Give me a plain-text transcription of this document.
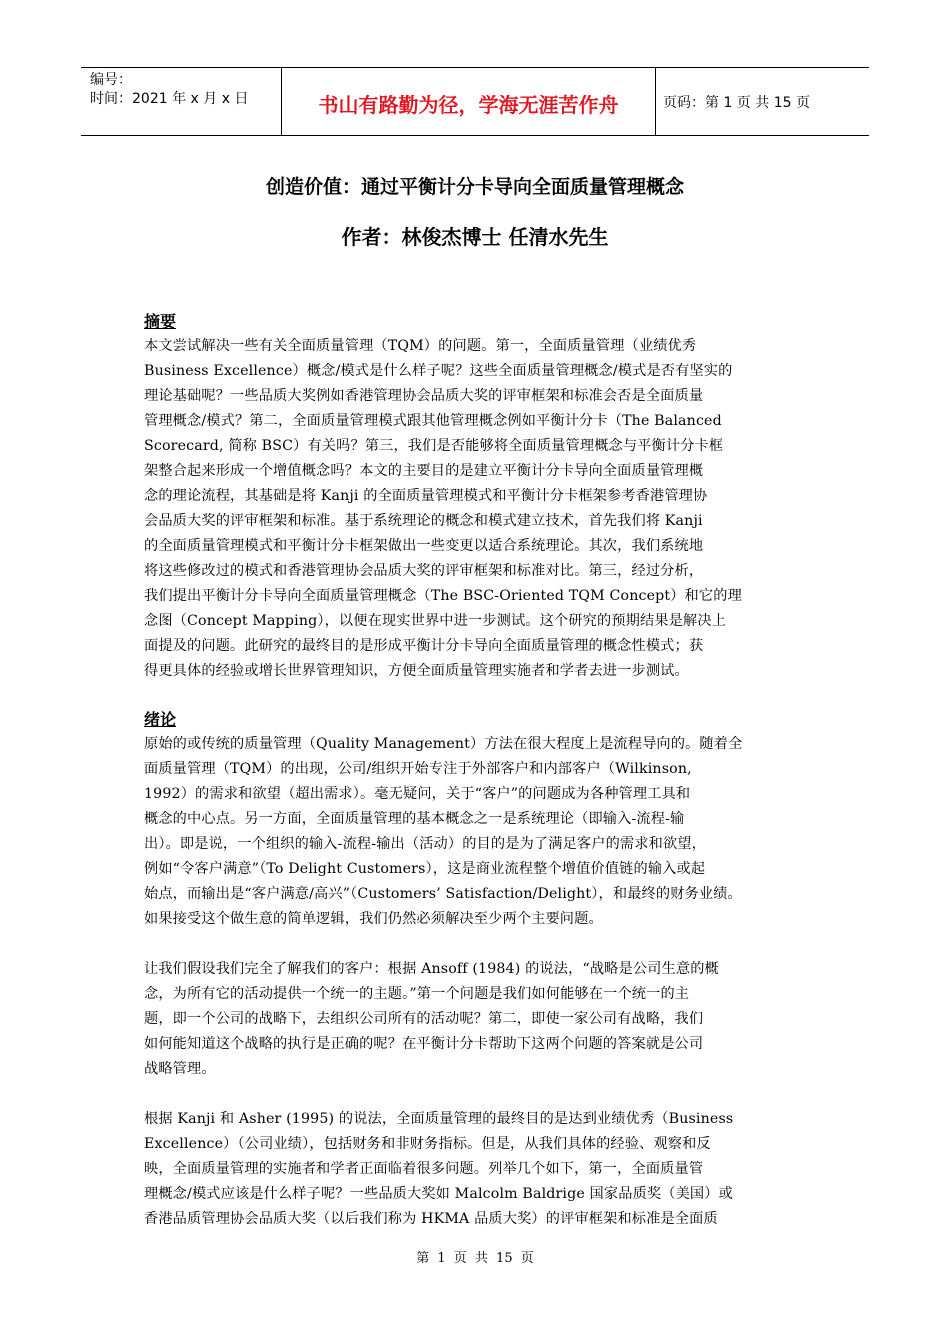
编号：
时间：2021 年 x 月 x 日	书山有路勤为径，学海无涯苦作舟	页码：第 1 页 共 15 页
创造价值：通过平衡计分卡导向全面质量管理概念
作者：林俊杰博士 任清水先生
摘要

本文尝试解决一些有关全面质量管理（TQM）的问题。第一，全面质量管理（业绩优秀
Business Excellence）概念/模式是什么样子呢？这些全面质量管理概念/模式是否有坚实的
理论基础呢？一些品质大奖例如香港管理协会品质大奖的评审框架和标准会否是全面质量
管理概念/模式？第二，全面质量管理模式跟其他管理概念例如平衡计分卡（The Balanced
Scorecard, 简称 BSC）有关吗？第三，我们是否能够将全面质量管理概念与平衡计分卡框
架整合起来形成一个增值概念吗？本文的主要目的是建立平衡计分卡导向全面质量管理概
念的理论流程，其基础是将 Kanji 的全面质量管理模式和平衡计分卡框架参考香港管理协
会品质大奖的评审框架和标准。基于系统理论的概念和模式建立技术，首先我们将 Kanji
的全面质量管理模式和平衡计分卡框架做出一些变更以适合系统理论。其次，我们系统地
将这些修改过的模式和香港管理协会品质大奖的评审框架和标准对比。第三，经过分析，
我们提出平衡计分卡导向全面质量管理概念（The BSC-Oriented TQM Concept）和它的理
念图（Concept Mapping），以便在现实世界中进一步测试。这个研究的预期结果是解决上
面提及的问题。此研究的最终目的是形成平衡计分卡导向全面质量管理的概念性模式；获
得更具体的经验或增长世界管理知识，方便全面质量管理实施者和学者去进一步测试。

绪论

原始的或传统的质量管理（Quality Management）方法在很大程度上是流程导向的。随着全
面质量管理（TQM）的出现，公司/组织开始专注于外部客户和内部客户（Wilkinson,
1992）的需求和欲望（超出需求）。毫无疑问，关于“客户”的问题成为各种管理工具和
概念的中心点。另一方面，全面质量管理的基本概念之一是系统理论（即输入-流程-输
出）。即是说，一个组织的输入-流程-输出（活动）的目的是为了满足客户的需求和欲望，
例如“令客户满意”（To Delight Customers），这是商业流程整个增值价值链的输入或起
始点，而输出是“客户满意/高兴”（Customers’ Satisfaction/Delight），和最终的财务业绩。
如果接受这个做生意的简单逻辑，我们仍然必须解决至少两个主要问题。

让我们假设我们完全了解我们的客户：根据 Ansoff (1984) 的说法，“战略是公司生意的概
念，为所有它的活动提供一个统一的主题。”第一个问题是我们如何能够在一个统一的主
题，即一个公司的战略下，去组织公司所有的活动呢？第二，即使一家公司有战略，我们
如何能知道这个战略的执行是正确的呢？在平衡计分卡帮助下这两个问题的答案就是公司
战略管理。

根据 Kanji 和 Asher (1995) 的说法，全面质量管理的最终目的是达到业绩优秀（Business
Excellence）（公司业绩），包括财务和非财务指标。但是，从我们具体的经验、观察和反
映，全面质量管理的实施者和学者正面临着很多问题。列举几个如下，第一，全面质量管
理概念/模式应该是什么样子呢？一些品质大奖如 Malcolm Baldrige 国家品质奖（美国）或
香港品质管理协会品质大奖（以后我们称为 HKMA 品质大奖）的评审框架和标准是全面质

第 1 页 共 15 页
